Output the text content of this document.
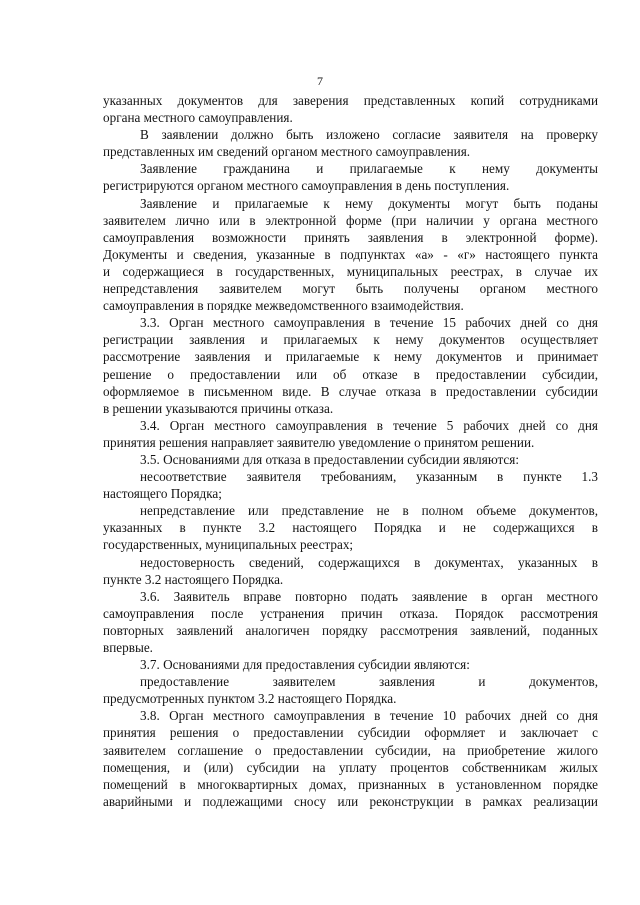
7
указанных документов для заверения представленных копий сотрудниками
органа местного самоуправления.
В заявлении должно быть изложено согласие заявителя на проверку
представленных им сведений органом местного самоуправления.
Заявление гражданина и прилагаемые к нему документы
регистрируются органом местного самоуправления в день поступления.
Заявление и прилагаемые к нему документы могут быть поданы
заявителем лично или в электронной форме (при наличии у органа местного
самоуправления возможности принять заявления в электронной форме).
Документы и сведения, указанные в подпунктах «а» - «г» настоящего пункта
и содержащиеся в государственных, муниципальных реестрах, в случае их
непредставления заявителем могут быть получены органом местного
самоуправления в порядке межведомственного взаимодействия.
3.3. Орган местного самоуправления в течение 15 рабочих дней со дня
регистрации заявления и прилагаемых к нему документов осуществляет
рассмотрение заявления и прилагаемые к нему документов и принимает
решение о предоставлении или об отказе в предоставлении субсидии,
оформляемое в письменном виде. В случае отказа в предоставлении субсидии
в решении указываются причины отказа.
3.4. Орган местного самоуправления в течение 5 рабочих дней со дня
принятия решения направляет заявителю уведомление о принятом решении.
3.5. Основаниями для отказа в предоставлении субсидии являются:
несоответствие заявителя требованиям, указанным в пункте 1.3
настоящего Порядка;
непредставление или представление не в полном объеме документов,
указанных в пункте 3.2 настоящего Порядка и не содержащихся в
государственных, муниципальных реестрах;
недостоверность сведений, содержащихся в документах, указанных в
пунктe 3.2 настоящего Порядка.
3.6. Заявитель вправе повторно подать заявление в орган местного
самоуправления после устранения причин отказа. Порядок рассмотрения
повторных заявлений аналогичен порядку рассмотрения заявлений, поданных
впервые.
3.7. Основаниями для предоставления субсидии являются:
предоставление заявителем заявления и документов,
предусмотренных пунктом 3.2 настоящего Порядка.
3.8. Орган местного самоуправления в течение 10 рабочих дней со дня
принятия решения о предоставлении субсидии оформляет и заключает с
заявителем соглашение о предоставлении субсидии, на приобретение жилого
помещения, и (или) субсидии на уплату процентов собственникам жилых
помещений в многоквартирных домах, признанных в установленном порядке
аварийными и подлежащими сносу или реконструкции в рамках реализации
